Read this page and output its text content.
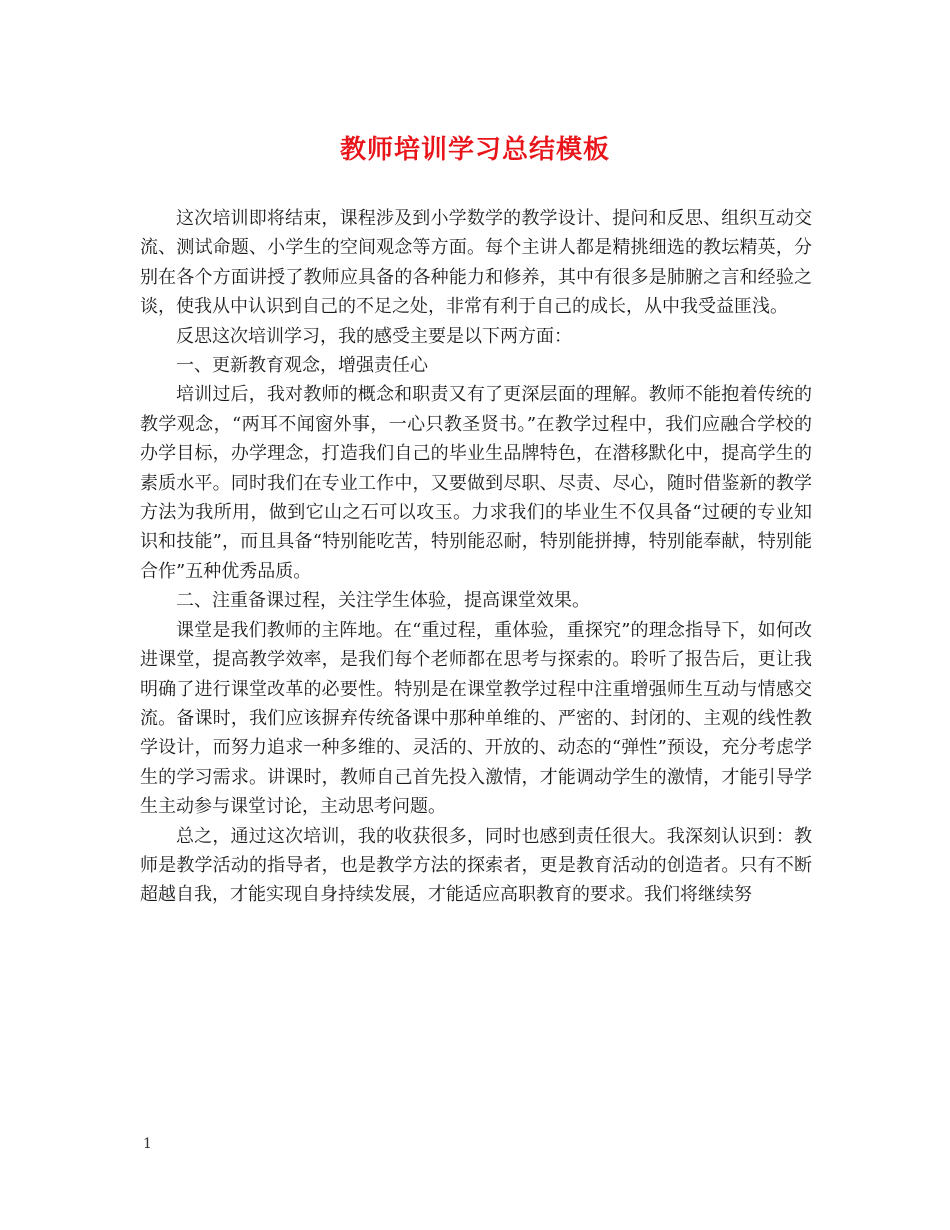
教师培训学习总结模板

这次培训即将结束，课程涉及到小学数学的教学设计、提问和反思、组织互动交流、测试命题、小学生的空间观念等方面。每个主讲人都是精挑细选的教坛精英，分别在各个方面讲授了教师应具备的各种能力和修养，其中有很多是肺腑之言和经验之谈，使我从中认识到自己的不足之处，非常有利于自己的成长，从中我受益匪浅。

反思这次培训学习，我的感受主要是以下两方面：

一、更新教育观念，增强责任心

培训过后，我对教师的概念和职责又有了更深层面的理解。教师不能抱着传统的教学观念，“两耳不闻窗外事，一心只教圣贤书。”在教学过程中，我们应融合学校的办学目标，办学理念，打造我们自己的毕业生品牌特色，在潜移默化中，提高学生的素质水平。同时我们在专业工作中，又要做到尽职、尽责、尽心，随时借鉴新的教学方法为我所用，做到它山之石可以攻玉。力求我们的毕业生不仅具备“过硬的专业知识和技能”，而且具备“特别能吃苦，特别能忍耐，特别能拼搏，特别能奉献，特别能合作”五种优秀品质。

二、注重备课过程，关注学生体验，提高课堂效果。

课堂是我们教师的主阵地。在“重过程，重体验，重探究”的理念指导下，如何改进课堂，提高教学效率，是我们每个老师都在思考与探索的。聆听了报告后，更让我明确了进行课堂改革的必要性。特别是在课堂教学过程中注重增强师生互动与情感交流。备课时，我们应该摒弃传统备课中那种单维的、严密的、封闭的、主观的线性教学设计，而努力追求一种多维的、灵活的、开放的、动态的“弹性”预设，充分考虑学生的学习需求。讲课时，教师自己首先投入激情，才能调动学生的激情，才能引导学生主动参与课堂讨论，主动思考问题。

总之，通过这次培训，我的收获很多，同时也感到责任很大。我深刻认识到：教师是教学活动的指导者，也是教学方法的探索者，更是教育活动的创造者。只有不断超越自我，才能实现自身持续发展，才能适应高职教育的要求。我们将继续努

1
